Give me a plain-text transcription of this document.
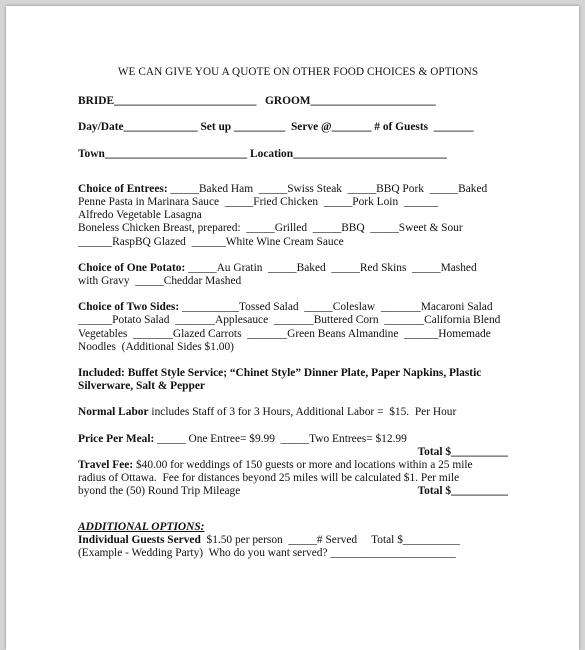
WE CAN GIVE YOU A QUOTE ON OTHER FOOD CHOICES & OPTIONS
BRIDE_________________________   GROOM______________________
Day/Date_____________ Set up _________  Serve @_______ # of Guests  _______
Town_________________________ Location___________________________
Choice of Entrees: _____Baked Ham  _____Swiss Steak  _____BBQ Pork  _____Baked
Penne Pasta in Marinara Sauce  _____Fried Chicken  _____Pork Loin  ______
Alfredo Vegetable Lasagna
Boneless Chicken Breast, prepared:  _____Grilled  _____BBQ  _____Sweet & Sour
______RaspBQ Glazed  ______White Wine Cream Sauce
Choice of One Potato: _____Au Gratin  _____Baked  _____Red Skins  _____Mashed
with Gravy  _____Cheddar Mashed
Choice of Two Sides: __________Tossed Salad  _____Coleslaw  _______Macaroni Salad
______Potato Salad  _______Applesauce  _______Buttered Corn  _______California Blend
Vegetables  _______Glazed Carrots  _______Green Beans Almandine  ______Homemade
Noodles  (Additional Sides $1.00)
Included: Buffet Style Service; “Chinet Style” Dinner Plate, Paper Napkins, Plastic
Silverware, Salt & Pepper
Normal Labor includes Staff of 3 for 3 Hours, Additional Labor =  $15.  Per Hour
Price Per Meal: _____ One Entree= $9.99  _____Two Entrees= $12.99
Total $__________
Travel Fee: $40.00 for weddings of 150 guests or more and locations within a 25 mile
radius of Ottawa.  Fee for distances beyond 25 miles will be calculated $1. Per mile
byond the (50) Round Trip Mileage	Total $__________
ADDITIONAL OPTIONS:
Individual Guests Served  $1.50 per person  _____# Served     Total $__________
(Example - Wedding Party)  Who do you want served? ______________________
